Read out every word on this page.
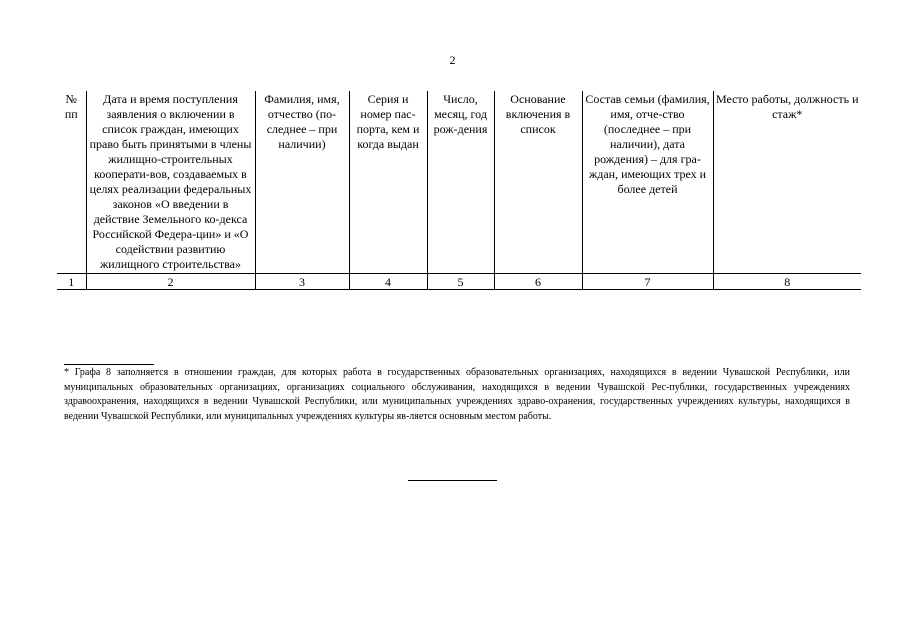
2
№ пп	Дата и время поступления заявления о включении в список граждан, имеющих право быть принятыми в члены жилищно-строительных кооперати-вов, создаваемых в целях реализации федеральных законов «О введении в действие Земельного ко-декса Российской Федера-ции» и «О содействии развитию жилищного строительства»	Фамилия, имя, отчество (по-следнее – при наличии)	Серия и номер пас-порта, кем и когда выдан	Число, месяц, год рож-дения	Основание включения в список	Состав семьи (фамилия, имя, отче-ство (последнее – при наличии), дата рождения) – для гра-ждан, имеющих трех и более детей	Место работы, должность и стаж*
1	2	3	4	5	6	7	8
* Графа 8 заполняется в отношении граждан, для которых работа в государственных образовательных организациях, находящихся в ведении Чувашской Республики, или муниципальных образовательных организациях, организациях социального обслуживания, находящихся в ведении Чувашской Рес-публики, государственных учреждениях здравоохранения, находящихся в ведении Чувашской Республики, или муниципальных учреждениях здраво-охранения, государственных учреждениях культуры, находящихся в ведении Чувашской Республики, или муниципальных учреждениях культуры яв-ляется основным местом работы.
